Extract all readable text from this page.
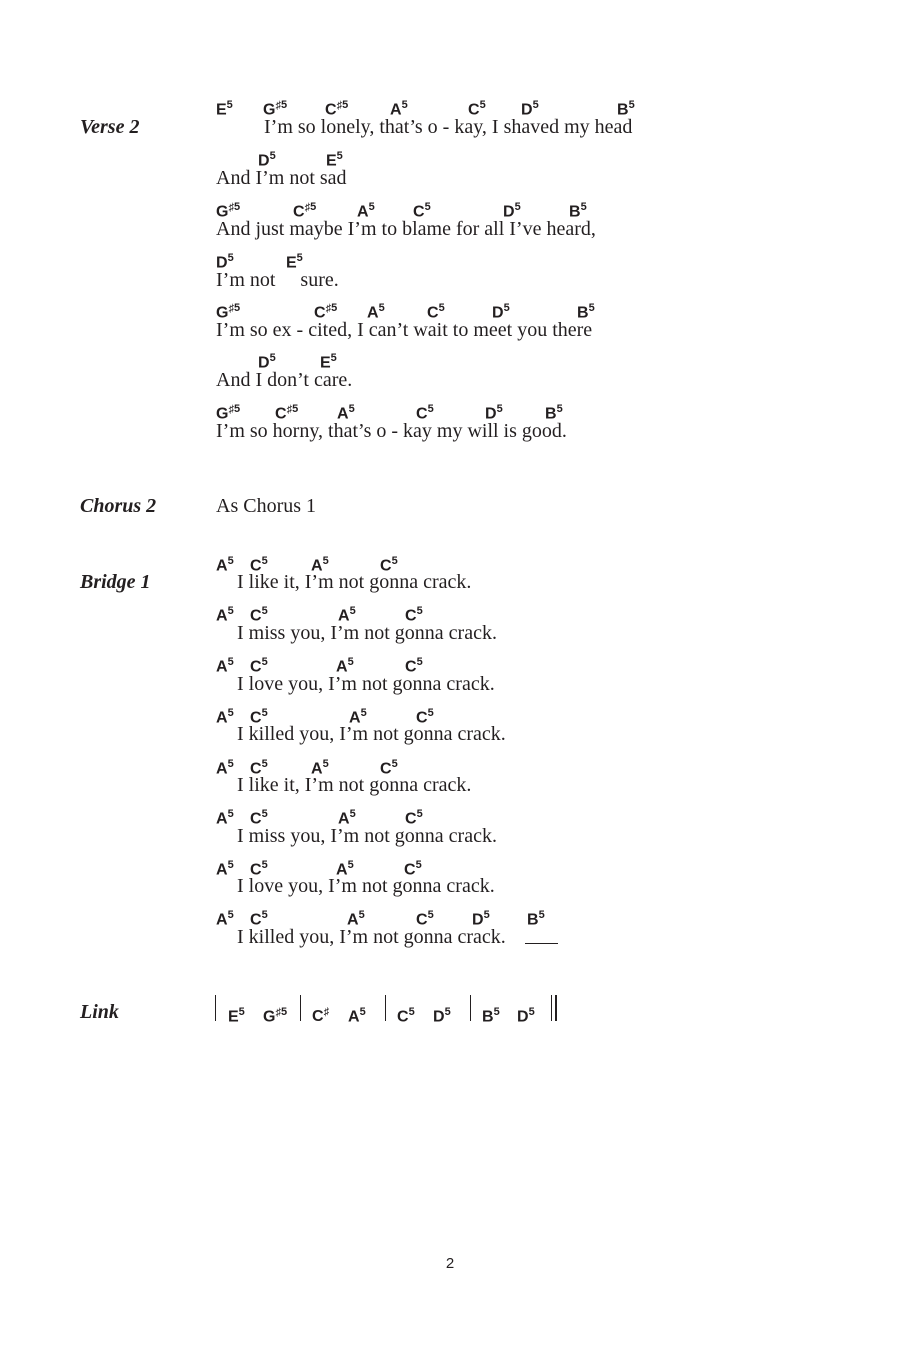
Verse 2
$E^5$ $G^{♯5}$ $C^{♯5}$	$A^5$	$C^5$ $D^5$	$B^5$
I’m so lonely, that’s o - kay, I shaved my head
$D^5$	$E^5$
And I’m not sad
$G^{♯5}$	$C^{♯5}$	$A^5$ $C^5$	$D^5$	$B^5$
And just maybe I’m to blame for all I’ve heard,
$D^5$	$E^5$
I’m not     sure.
$G^{♯5}$	$C^{♯5}$ $A^5$	$C^5$	$D^5$	$B^5$
I’m so ex - cited, I can’t wait to meet you there
$D^5$	$E^5$
And I don’t care.
$G^{♯5}$ $C^{♯5}$ $A^5$	$C^5$	$D^5$	$B^5$
I’m so horny, that’s o - kay my will is good.
Chorus 2	As Chorus 1
Bridge 1
$A^5$ $C^5$	$A^5$	$C^5$
I like it, I’m not gonna crack.
$A^5$ $C^5$	$A^5$	$C^5$
I miss you, I’m not gonna crack.
$A^5$ $C^5$	$A^5$	$C^5$
I love you, I’m not gonna crack.
$A^5$ $C^5$	$A^5$	$C^5$
I killed you, I’m not gonna crack.
$A^5$ $C^5$	$A^5$	$C^5$
I like it, I’m not gonna crack.
$A^5$ $C^5$	$A^5$	$C^5$
I miss you, I’m not gonna crack.
$A^5$ $C^5$	$A^5$	$C^5$
I love you, I’m not gonna crack.
$A^5$ $C^5$	$A^5$	$C^5$ $D^5$ $B^5$
I killed you, I’m not gonna crack.
Link	$E^5$ $G^{♯5}$ C♯ $A^5$ $C^5$ $D^5$ $B^5$ $D^5$
2
